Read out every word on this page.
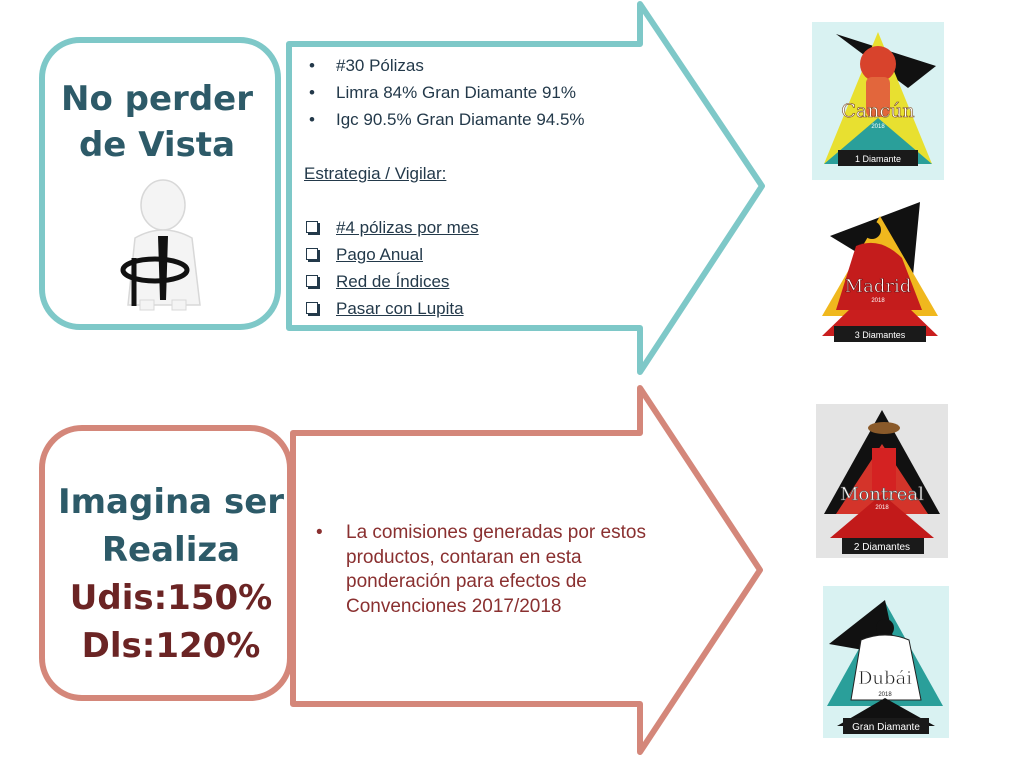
No perder
de Vista
• #30 Pólizas
• Limra 84% Gran Diamante 91%
• Igc 90.5% Gran Diamante 94.5%
Estrategia / Vigilar:
#4 pólizas por mes
Pago Anual
Red de Índices
Pasar con Lupita
Imagina ser
Realiza
Udis:150%
Dls:120%
• La comisiones generadas por estos productos, contaran en esta ponderación para efectos de Convenciones 2017/2018
Cancún
2018
1 Diamante
Madrid
2018
3 Diamantes
Montreal
2018
2 Diamantes
Dubái
2018
Gran Diamante
